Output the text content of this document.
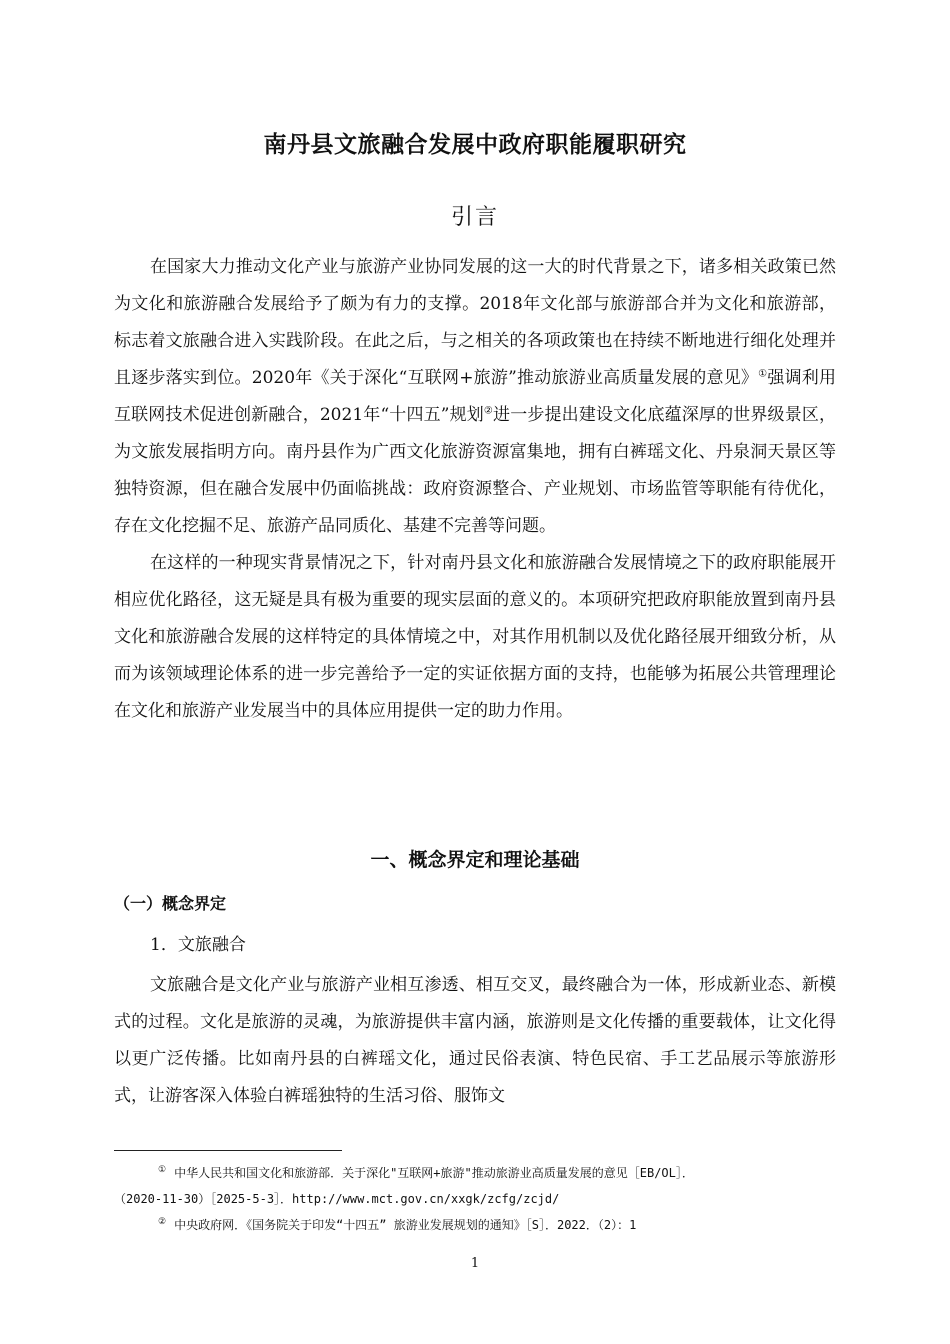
南丹县文旅融合发展中政府职能履职研究
引言

在国家大力推动文化产业与旅游产业协同发展的这一大的时代背景之下，诸多相关政策已然为文化和旅游融合发展给予了颇为有力的支撑。2018年文化部与旅游部合并为文化和旅游部，标志着文旅融合进入实践阶段。在此之后，与之相关的各项政策也在持续不断地进行细化处理并且逐步落实到位。2020年《关于深化“互联网+旅游”推动旅游业高质量发展的意见》①强调利用互联网技术促进创新融合，2021年“十四五”规划②进一步提出建设文化底蕴深厚的世界级景区，为文旅发展指明方向。南丹县作为广西文化旅游资源富集地，拥有白裤瑶文化、丹泉洞天景区等独特资源，但在融合发展中仍面临挑战：政府资源整合、产业规划、市场监管等职能有待优化，存在文化挖掘不足、旅游产品同质化、基建不完善等问题。

在这样的一种现实背景情况之下，针对南丹县文化和旅游融合发展情境之下的政府职能展开相应优化路径，这无疑是具有极为重要的现实层面的意义的。本项研究把政府职能放置到南丹县文化和旅游融合发展的这样特定的具体情境之中，对其作用机制以及优化路径展开细致分析，从而为该领域理论体系的进一步完善给予一定的实证依据方面的支持，也能够为拓展公共管理理论在文化和旅游产业发展当中的具体应用提供一定的助力作用。

一、概念界定和理论基础
（一）概念界定
1．文旅融合

文旅融合是文化产业与旅游产业相互渗透、相互交叉，最终融合为一体，形成新业态、新模式的过程。文化是旅游的灵魂，为旅游提供丰富内涵，旅游则是文化传播的重要载体，让文化得以更广泛传播。比如南丹县的白裤瑶文化，通过民俗表演、特色民宿、手工艺品展示等旅游形式，让游客深入体验白裤瑶独特的生活习俗、服饰文

① 中华人民共和国文化和旅游部．关于深化"互联网+旅游"推动旅游业高质量发展的意见［EB/OL］．

（2020-11-30）［2025-5-3］．http://www.mct.gov.cn/xxgk/zcfg/zcjd/

② 中央政府网．《国务院关于印发“十四五” 旅游业发展规划的通知》［S］．2022．（2）：1

1
